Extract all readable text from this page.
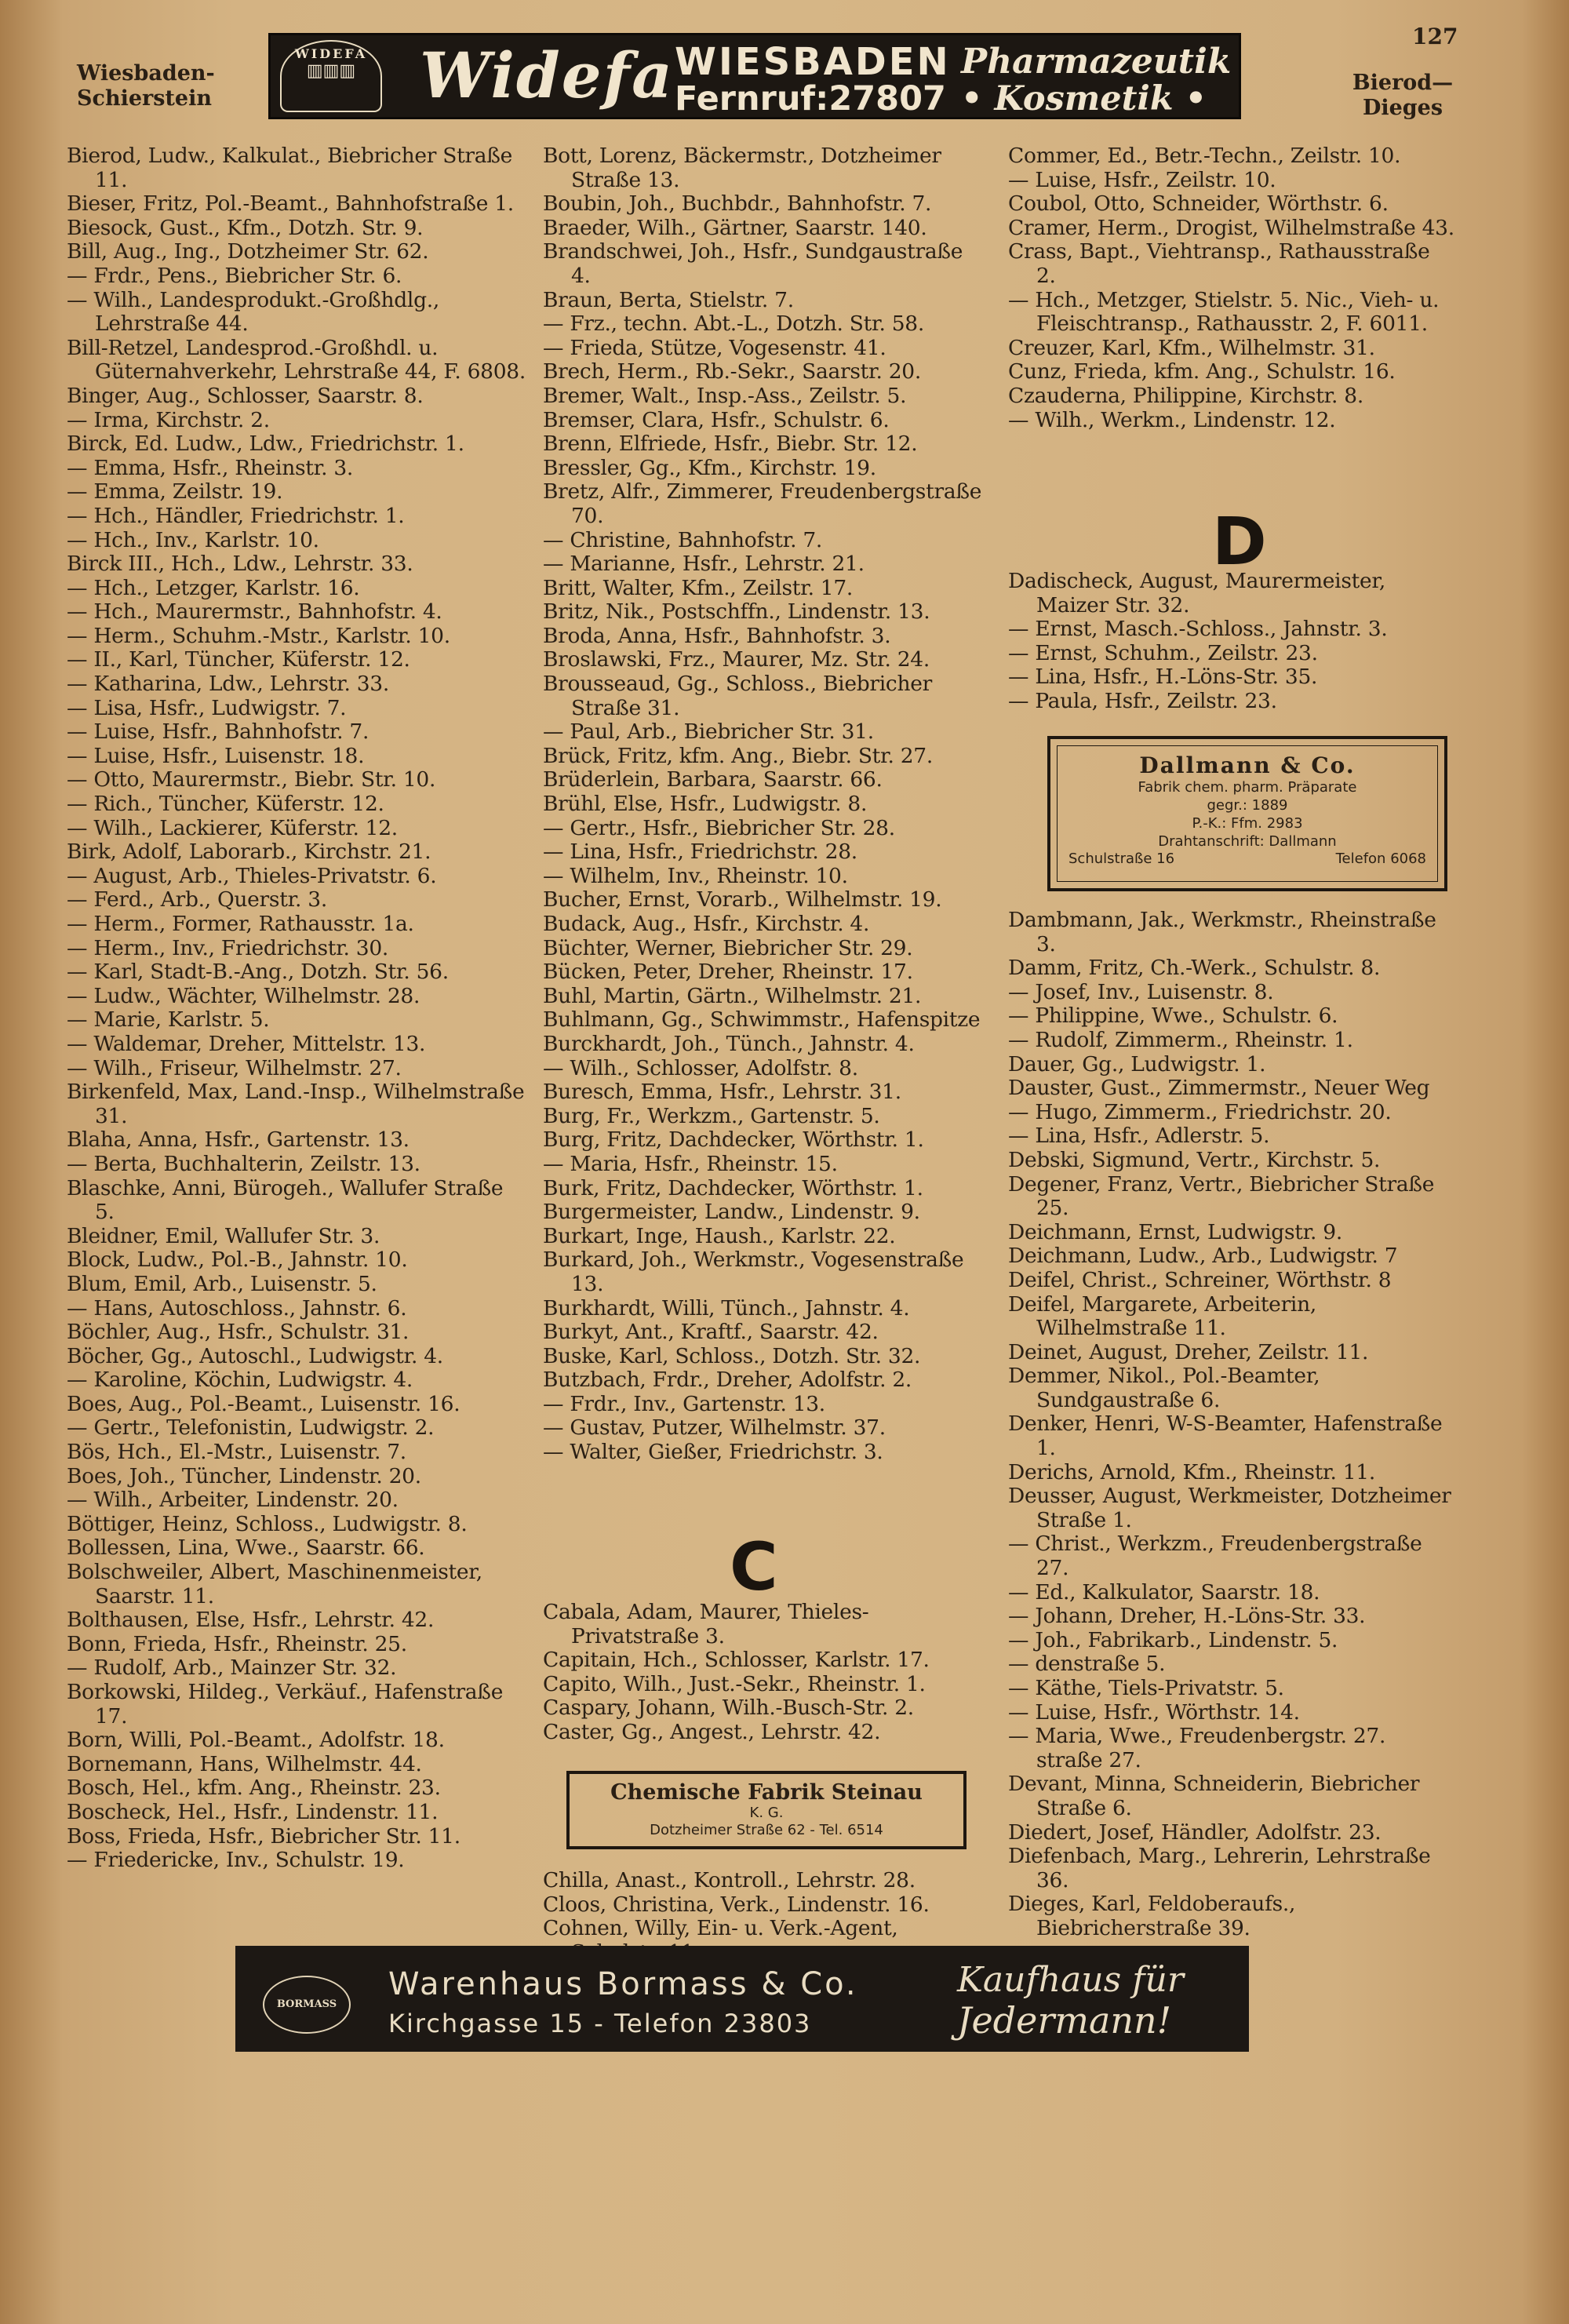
Wiesbaden-Schierstein
Bierod—Dieges
127
WIDEFA
▥▥▥	Widefa WIESBADEN
Fernruf:27807
Pharmazeutik
• Kosmetik •
Bierod, Ludw., Kalkulat., Biebricher Straße 11.
Bieser, Fritz, Pol.-Beamt., Bahnhofstraße 1.
Biesock, Gust., Kfm., Dotzh. Str. 9.
Bill, Aug., Ing., Dotzheimer Str. 62.
— Frdr., Pens., Biebricher Str. 6.
— Wilh., Landesprodukt.-Großhdlg., Lehrstraße 44.
Bill-Retzel, Landesprod.-Großhdl. u. Güternahverkehr, Lehrstraße 44, F. 6808.
Binger, Aug., Schlosser, Saarstr. 8.
— Irma, Kirchstr. 2.
Birck, Ed. Ludw., Ldw., Friedrichstr. 1.
— Emma, Hsfr., Rheinstr. 3.
— Emma, Zeilstr. 19.
— Hch., Händler, Friedrichstr. 1.
— Hch., Inv., Karlstr. 10.
Birck III., Hch., Ldw., Lehrstr. 33.
— Hch., Letzger, Karlstr. 16.
— Hch., Maurermstr., Bahnhofstr. 4.
— Herm., Schuhm.-Mstr., Karlstr. 10.
— II., Karl, Tüncher, Küferstr. 12.
— Katharina, Ldw., Lehrstr. 33.
— Lisa, Hsfr., Ludwigstr. 7.
— Luise, Hsfr., Bahnhofstr. 7.
— Luise, Hsfr., Luisenstr. 18.
— Otto, Maurermstr., Biebr. Str. 10.
— Rich., Tüncher, Küferstr. 12.
— Wilh., Lackierer, Küferstr. 12.
Birk, Adolf, Laborarb., Kirchstr. 21.
— August, Arb., Thieles-Privatstr. 6.
— Ferd., Arb., Querstr. 3.
— Herm., Former, Rathausstr. 1a.
— Herm., Inv., Friedrichstr. 30.
— Karl, Stadt-B.-Ang., Dotzh. Str. 56.
— Ludw., Wächter, Wilhelmstr. 28.
— Marie, Karlstr. 5.
— Waldemar, Dreher, Mittelstr. 13.
— Wilh., Friseur, Wilhelmstr. 27.
Birkenfeld, Max, Land.-Insp., Wilhelmstraße 31.
Blaha, Anna, Hsfr., Gartenstr. 13.
— Berta, Buchhalterin, Zeilstr. 13.
Blaschke, Anni, Bürogeh., Wallufer Straße 5.
Bleidner, Emil, Wallufer Str. 3.
Block, Ludw., Pol.-B., Jahnstr. 10.
Blum, Emil, Arb., Luisenstr. 5.
— Hans, Autoschloss., Jahnstr. 6.
Böchler, Aug., Hsfr., Schulstr. 31.
Böcher, Gg., Autoschl., Ludwigstr. 4.
— Karoline, Köchin, Ludwigstr. 4.
Boes, Aug., Pol.-Beamt., Luisenstr. 16.
— Gertr., Telefonistin, Ludwigstr. 2.
Bös, Hch., El.-Mstr., Luisenstr. 7.
Boes, Joh., Tüncher, Lindenstr. 20.
— Wilh., Arbeiter, Lindenstr. 20.
Böttiger, Heinz, Schloss., Ludwigstr. 8.
Bollessen, Lina, Wwe., Saarstr. 66.
Bolschweiler, Albert, Maschinenmeister, Saarstr. 11.
Bolthausen, Else, Hsfr., Lehrstr. 42.
Bonn, Frieda, Hsfr., Rheinstr. 25.
— Rudolf, Arb., Mainzer Str. 32.
Borkowski, Hildeg., Verkäuf., Hafenstraße 17.
Born, Willi, Pol.-Beamt., Adolfstr. 18.
Bornemann, Hans, Wilhelmstr. 44.
Bosch, Hel., kfm. Ang., Rheinstr. 23.
Boscheck, Hel., Hsfr., Lindenstr. 11.
Boss, Frieda, Hsfr., Biebricher Str. 11.
— Friedericke, Inv., Schulstr. 19.
Bott, Lorenz, Bäckermstr., Dotzheimer Straße 13.
Boubin, Joh., Buchbdr., Bahnhofstr. 7.
Braeder, Wilh., Gärtner, Saarstr. 140.
Brandschwei, Joh., Hsfr., Sundgaustraße 4.
Braun, Berta, Stielstr. 7.
— Frz., techn. Abt.-L., Dotzh. Str. 58.
— Frieda, Stütze, Vogesenstr. 41.
Brech, Herm., Rb.-Sekr., Saarstr. 20.
Bremer, Walt., Insp.-Ass., Zeilstr. 5.
Bremser, Clara, Hsfr., Schulstr. 6.
Brenn, Elfriede, Hsfr., Biebr. Str. 12.
Bressler, Gg., Kfm., Kirchstr. 19.
Bretz, Alfr., Zimmerer, Freudenbergstraße 70.
— Christine, Bahnhofstr. 7.
— Marianne, Hsfr., Lehrstr. 21.
Britt, Walter, Kfm., Zeilstr. 17.
Britz, Nik., Postschffn., Lindenstr. 13.
Broda, Anna, Hsfr., Bahnhofstr. 3.
Broslawski, Frz., Maurer, Mz. Str. 24.
Brousseaud, Gg., Schloss., Biebricher Straße 31.
— Paul, Arb., Biebricher Str. 31.
Brück, Fritz, kfm. Ang., Biebr. Str. 27.
Brüderlein, Barbara, Saarstr. 66.
Brühl, Else, Hsfr., Ludwigstr. 8.
— Gertr., Hsfr., Biebricher Str. 28.
— Lina, Hsfr., Friedrichstr. 28.
— Wilhelm, Inv., Rheinstr. 10.
Bucher, Ernst, Vorarb., Wilhelmstr. 19.
Budack, Aug., Hsfr., Kirchstr. 4.
Büchter, Werner, Biebricher Str. 29.
Bücken, Peter, Dreher, Rheinstr. 17.
Buhl, Martin, Gärtn., Wilhelmstr. 21.
Buhlmann, Gg., Schwimmstr., Hafenspitze
Burckhardt, Joh., Tünch., Jahnstr. 4.
— Wilh., Schlosser, Adolfstr. 8.
Buresch, Emma, Hsfr., Lehrstr. 31.
Burg, Fr., Werkzm., Gartenstr. 5.
Burg, Fritz, Dachdecker, Wörthstr. 1.
— Maria, Hsfr., Rheinstr. 15.
Burk, Fritz, Dachdecker, Wörthstr. 1.
Burgermeister, Landw., Lindenstr. 9.
Burkart, Inge, Haush., Karlstr. 22.
Burkard, Joh., Werkmstr., Vogesenstraße 13.
Burkhardt, Willi, Tünch., Jahnstr. 4.
Burkyt, Ant., Kraftf., Saarstr. 42.
Buske, Karl, Schloss., Dotzh. Str. 32.
Butzbach, Frdr., Dreher, Adolfstr. 2.
— Frdr., Inv., Gartenstr. 13.
— Gustav, Putzer, Wilhelmstr. 37.
— Walter, Gießer, Friedrichstr. 3.
C
Cabala, Adam, Maurer, Thieles-Privatstraße 3.
Capitain, Hch., Schlosser, Karlstr. 17.
Capito, Wilh., Just.-Sekr., Rheinstr. 1.
Caspary, Johann, Wilh.-Busch-Str. 2.
Caster, Gg., Angest., Lehrstr. 42.
Chemische Fabrik Steinau
K. G.
Dotzheimer Straße 62 - Tel. 6514
Chilla, Anast., Kontroll., Lehrstr. 28.
Cloos, Christina, Verk., Lindenstr. 16.
Cohnen, Willy, Ein- u. Verk.-Agent,
Commer, Ed., Betr.-Techn., Zeilstr. 10.
— Luise, Hsfr., Zeilstr. 10.
Coubol, Otto, Schneider, Wörthstr. 6.
Cramer, Herm., Drogist, Wilhelmstraße 43.
Crass, Bapt., Viehtransp., Rathausstraße 2.
— Hch., Metzger, Stielstr. 5. Nic., Vieh- u. Fleischtransp., Rathausstr. 2, F. 6011.
Creuzer, Karl, Kfm., Wilhelmstr. 31.
Cunz, Frieda, kfm. Ang., Schulstr. 16.
Czauderna, Philippine, Kirchstr. 8.
— Wilh., Werkm., Lindenstr. 12.
D
Dadischeck, August, Maurermeister, Maizer Str. 32.
— Ernst, Masch.-Schloss., Jahnstr. 3.
— Ernst, Schuhm., Zeilstr. 23.
— Lina, Hsfr., H.-Löns-Str. 35.
— Paula, Hsfr., Zeilstr. 23.
Dallmann & Co.
Fabrik chem. pharm. Präparate
gegr.: 1889
P.-K.: Ffm. 2983
Drahtanschrift: Dallmann
Schulstraße 16	Telefon 6068
Dambmann, Jak., Werkmstr., Rheinstraße 3.
Damm, Fritz, Ch.-Werk., Schulstr. 8.
— Josef, Inv., Luisenstr. 8.
— Philippine, Wwe., Schulstr. 6.
— Rudolf, Zimmerm., Rheinstr. 1.
Dauer, Gg., Ludwigstr. 1.
Dauster, Gust., Zimmermstr., Neuer Weg
— Hugo, Zimmerm., Friedrichstr. 20.
— Lina, Hsfr., Adlerstr. 5.
Debski, Sigmund, Vertr., Kirchstr. 5.
Degener, Franz, Vertr., Biebricher Straße 25.
Deichmann, Ernst, Ludwigstr. 9.
Deichmann, Ludw., Arb., Ludwigstr. 7
Deifel, Christ., Schreiner, Wörthstr. 8
Deifel, Margarete, Arbeiterin, Wilhelmstraße 11.
Deinet, August, Dreher, Zeilstr. 11.
Demmer, Nikol., Pol.-Beamter, Sundgaustraße 6.
Denker, Henri, W-S-Beamter, Hafenstraße 1.
Derichs, Arnold, Kfm., Rheinstr. 11.
Deusser, August, Werkmeister, Dotzheimer Straße 1.
— Christ., Werkzm., Freudenbergstraße 27.
— Ed., Kalkulator, Saarstr. 18.
— Johann, Dreher, H.-Löns-Str. 33.
— Joh., Fabrikarb., Lindenstr. 5.
— denstraße 5.
— Käthe, Tiels-Privatstr. 5.
— Luise, Hsfr., Wörthstr. 14.
— Maria, Wwe., Freudenbergstr. 27. straße 27.
Devant, Minna, Schneiderin, Biebricher Straße 6.
Diedert, Josef, Händler, Adolfstr. 23.
Diefenbach, Marg., Lehrerin, Lehrstraße 36.
Dieges, Karl, Feldoberaufs., Biebricherstraße 39.
BORMASS
Warenhaus Bormass & Co.
Kirchgasse 15 - Telefon 23803
Kaufhaus für
Jedermann!
